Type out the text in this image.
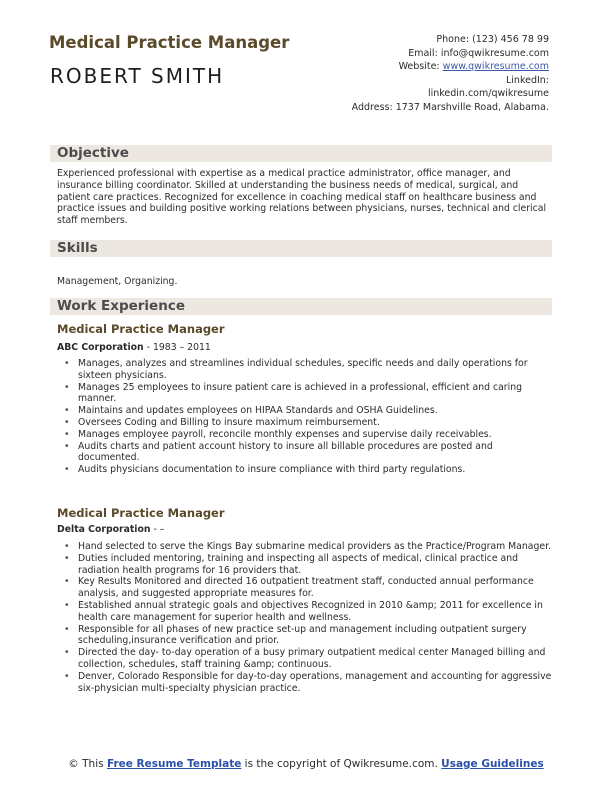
Medical Practice Manager
ROBERT SMITH
Phone: (123) 456 78 99
Email: info@qwikresume.com
Website: www.qwikresume.com
LinkedIn:
linkedin.com/qwikresume
Address: 1737 Marshville Road, Alabama.
Objective
Experienced professional with expertise as a medical practice administrator, office manager, and insurance billing coordinator. Skilled at understanding the business needs of medical, surgical, and patient care practices. Recognized for excellence in coaching medical staff on healthcare business and practice issues and building positive working relations between physicians, nurses, technical and clerical staff members.
Skills
Management, Organizing.
Work Experience
Medical Practice Manager
ABC Corporation - 1983 – 2011
• Manages, analyzes and streamlines individual schedules, specific needs and daily operations for sixteen physicians.
• Manages 25 employees to insure patient care is achieved in a professional, efficient and caring manner.
• Maintains and updates employees on HIPAA Standards and OSHA Guidelines.
• Oversees Coding and Billing to insure maximum reimbursement.
• Manages employee payroll, reconcile monthly expenses and supervise daily receivables.
• Audits charts and patient account history to insure all billable procedures are posted and documented.
• Audits physicians documentation to insure compliance with third party regulations.
Medical Practice Manager
Delta Corporation - –
• Hand selected to serve the Kings Bay submarine medical providers as the Practice/Program Manager.
• Duties included mentoring, training and inspecting all aspects of medical, clinical practice and radiation health programs for 16 providers that.
• Key Results Monitored and directed 16 outpatient treatment staff, conducted annual performance analysis, and suggested appropriate measures for.
• Established annual strategic goals and objectives Recognized in 2010 &amp; 2011 for excellence in health care management for superior health and wellness.
• Responsible for all phases of new practice set-up and management including outpatient surgery scheduling,insurance verification and prior.
• Directed the day- to-day operation of a busy primary outpatient medical center Managed billing and collection, schedules, staff training &amp; continuous.
• Denver, Colorado Responsible for day-to-day operations, management and accounting for aggressive six-physician multi-specialty physician practice.
© This Free Resume Template is the copyright of Qwikresume.com. Usage Guidelines
